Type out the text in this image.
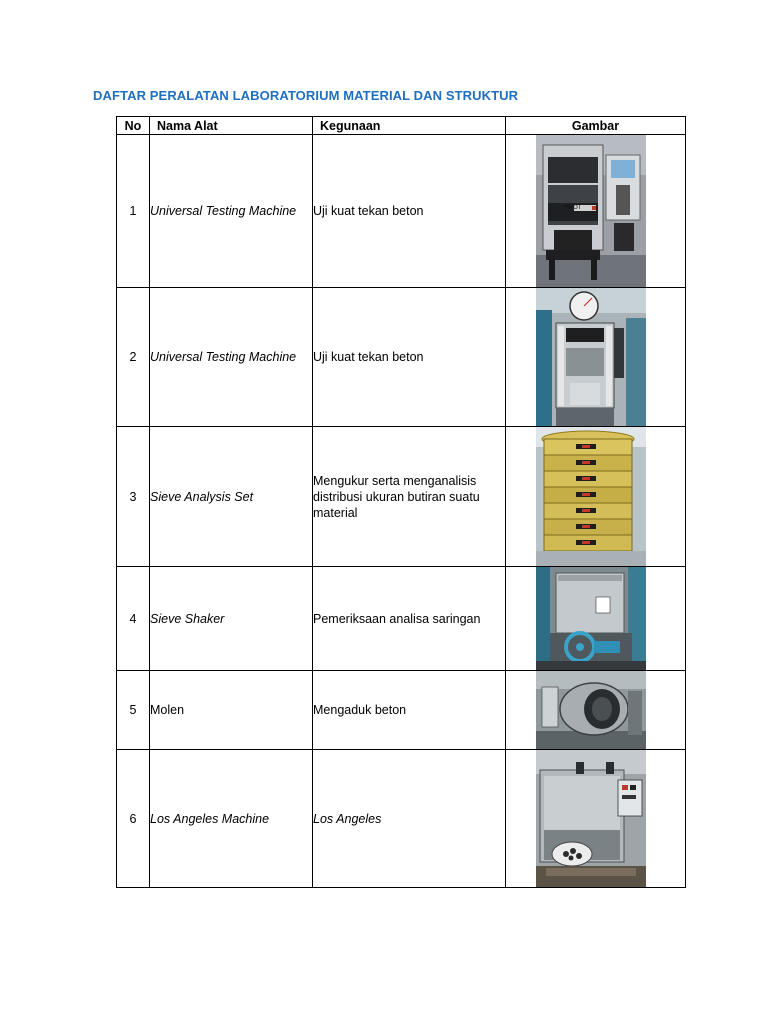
DAFTAR PERALATAN LABORATORIUM MATERIAL DAN STRUKTUR
No	Nama Alat	Kegunaan	Gambar
1	Universal Testing Machine	Uji kuat tekan beton	PILOT

2	Universal Testing Machine	Uji kuat tekan beton	

3	Sieve Analysis Set	Mengukur serta menganalisis distribusi ukuran butiran suatu material	

4	Sieve Shaker	Pemeriksaan analisa saringan	

5	Molen	Mengaduk beton	

6	Los Angeles Machine	Los Angeles	
